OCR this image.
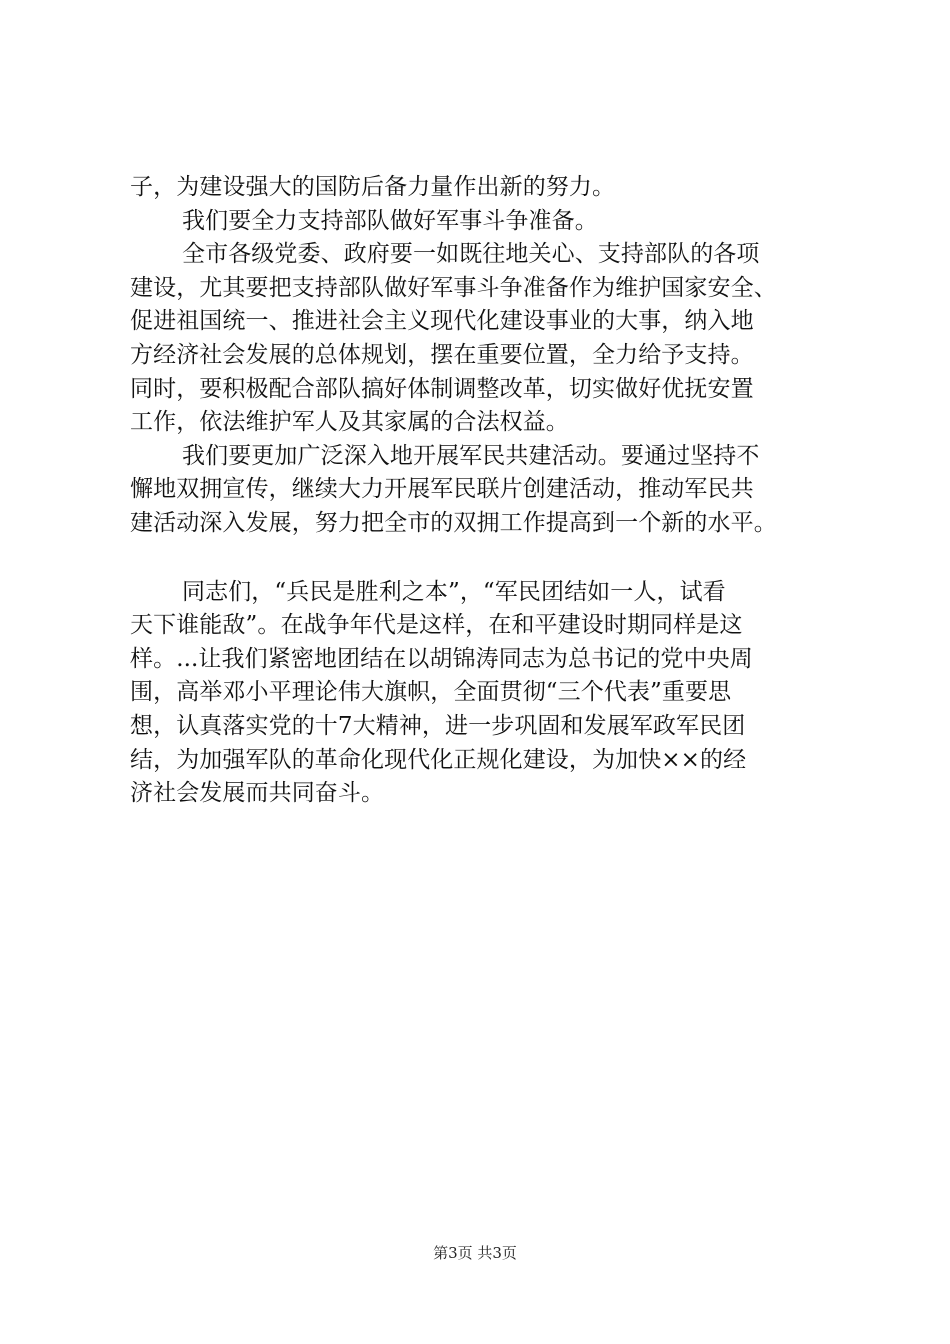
子，为建设强大的国防后备力量作出新的努力。
我们要全力支持部队做好军事斗争准备。
全市各级党委、政府要一如既往地关心、支持部队的各项
建设，尤其要把支持部队做好军事斗争准备作为维护国家安全、
促进祖国统一、推进社会主义现代化建设事业的大事，纳入地
方经济社会发展的总体规划，摆在重要位置，全力给予支持。
同时，要积极配合部队搞好体制调整改革，切实做好优抚安置
工作，依法维护军人及其家属的合法权益。
我们要更加广泛深入地开展军民共建活动。要通过坚持不
懈地双拥宣传，继续大力开展军民联片创建活动，推动军民共
建活动深入发展，努力把全市的双拥工作提高到一个新的水平。
同志们，“兵民是胜利之本”，“军民团结如一人，试看
天下谁能敌”。在战争年代是这样，在和平建设时期同样是这
样。...让我们紧密地团结在以胡锦涛同志为总书记的党中央周
围，高举邓小平理论伟大旗帜，全面贯彻“三个代表”重要思
想，认真落实党的十7大精神，进一步巩固和发展军政军民团
结，为加强军队的革命化现代化正规化建设，为加快××的经
济社会发展而共同奋斗。
第3页 共3页
